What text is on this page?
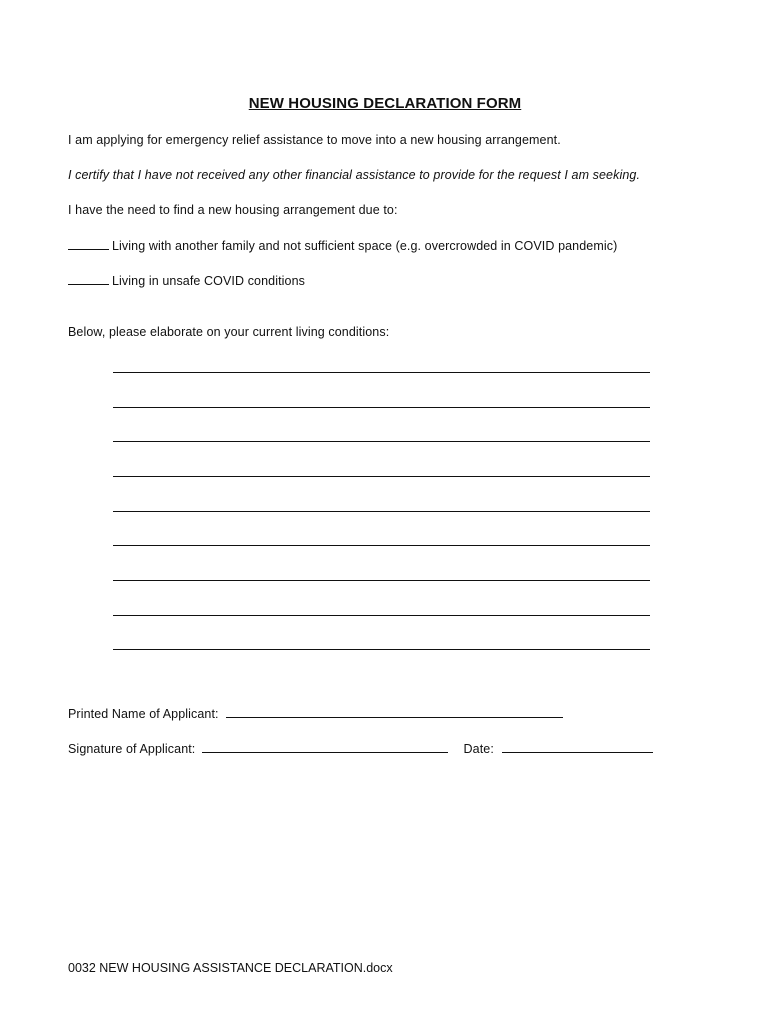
NEW HOUSING DECLARATION FORM
I am applying for emergency relief assistance to move into a new housing arrangement.
I certify that I have not received any other financial assistance to provide for the request I am seeking.
I have the need to find a new housing arrangement due to:
Living with another family and not sufficient space (e.g. overcrowded in COVID pandemic)
Living in unsafe COVID conditions
Below, please elaborate on your current living conditions:
Printed Name of Applicant:
Signature of Applicant:	Date:
0032 NEW HOUSING ASSISTANCE DECLARATION.docx
